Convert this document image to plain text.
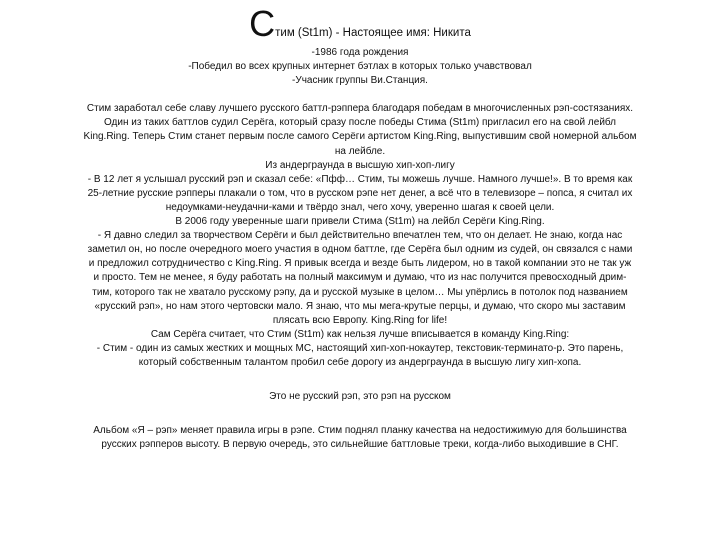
Стим (St1m) - Настоящее имя: Никита

-1986 года рождения

-Победил во всех крупных интернет бэтлах в которых только учавствовал

-Учасник группы Ви.Станция.

Стим заработал себе славу лучшего русского баттл-рэппера благодаря победам в многочисленных рэп-состязаниях.

Один из таких баттлов судил Серёга, который сразу после победы Стима (St1m) пригласил его на свой лейбл

King.Ring. Теперь Стим станет первым после самого Серёги артистом King.Ring, выпустившим свой номерной альбом

на лейбле.

Из андерграунда в высшую хип-хоп-лигу

- В 12 лет я услышал русский рэп и сказал себе: «Пфф… Стим, ты можешь лучше. Намного лучше!». В то время как

25-летние русские рэпперы плакали о том, что в русском рэпе нет денег, а всё что в телевизоре – попса, я считал их

недоумками-неудачни-ками и твёрдо знал, чего хочу, уверенно шагая к своей цели.

В 2006 году уверенные шаги привели Стима (St1m) на лейбл Серёги King.Ring.

- Я давно следил за творчеством Серёги и был действительно впечатлен тем, что он делает. Не знаю, когда нас

заметил он, но после очередного моего участия в одном баттле, где Серёга был одним из судей, он связался с нами

и предложил сотрудничество с King.Ring. Я привык всегда и везде быть лидером, но в такой компании это не так уж

и просто. Тем не менее, я буду работать на полный максимум и думаю, что из нас получится превосходный дрим-

тим, которого так не хватало русскому рэпу, да и русской музыке в целом… Мы упёрлись в потолок под названием

«русский рэп», но нам этого чертовски мало. Я знаю, что мы мега-крутые перцы, и думаю, что скоро мы заставим

плясать всю Европу. King.Ring for life!

Сам Серёга считает, что Стим (St1m) как нельзя лучше вписывается в команду King.Ring:

- Стим - один из самых жестких и мощных МС, настоящий хип-хоп-нокаутер, текстовик-терминато-р. Это парень,

который собственным талантом пробил себе дорогу из андерграунда в высшую лигу хип-хопа.

Это не русский рэп, это рэп на русском

Альбом «Я – рэп» меняет правила игры в рэпе. Стим поднял планку качества на недостижимую для большинства

русских рэпперов высоту. В первую очередь, это сильнейшие баттловые треки, когда-либо выходившие в СНГ.
